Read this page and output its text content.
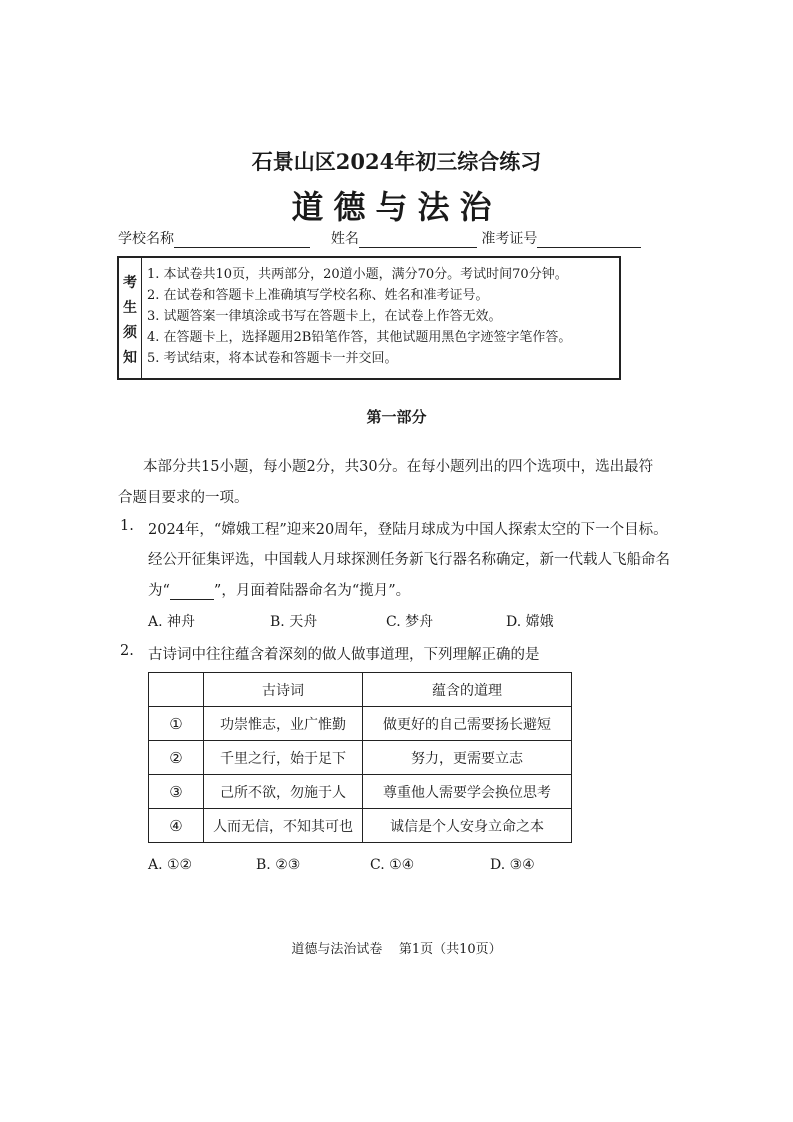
石景山区2024年初三综合练习
道德与法治
学校名称	姓名	准考证号
考
生
须
知
1. 本试卷共10页，共两部分，20道小题，满分70分。考试时间70分钟。
2. 在试卷和答题卡上准确填写学校名称、姓名和准考证号。
3. 试题答案一律填涂或书写在答题卡上，在试卷上作答无效。
4. 在答题卡上，选择题用2B铅笔作答，其他试题用黑色字迹签字笔作答。
5. 考试结束，将本试卷和答题卡一并交回。
第一部分
本部分共15小题，每小题2分，共30分。在每小题列出的四个选项中，选出最符
合题目要求的一项。
1. 2024年，“嫦娥工程”迎来20周年，登陆月球成为中国人探索太空的下一个目标。
经公开征集评选，中国载人月球探测任务新飞行器名称确定，新一代载人飞船命名
为“	”，月面着陆器命名为“揽月”。
A. 神舟	B. 天舟	C. 梦舟	D. 嫦娥
2. 古诗词中往往蕴含着深刻的做人做事道理，下列理解正确的是
	古诗词	蕴含的道理
①	功崇惟志，业广惟勤	做更好的自己需要扬长避短
②	千里之行，始于足下	努力，更需要立志
③	己所不欲，勿施于人	尊重他人需要学会换位思考
④	人而无信，不知其可也	诚信是个人安身立命之本
A. ①②	B. ②③	C. ①④	D. ③④
道德与法治试卷    第1页（共10页）
